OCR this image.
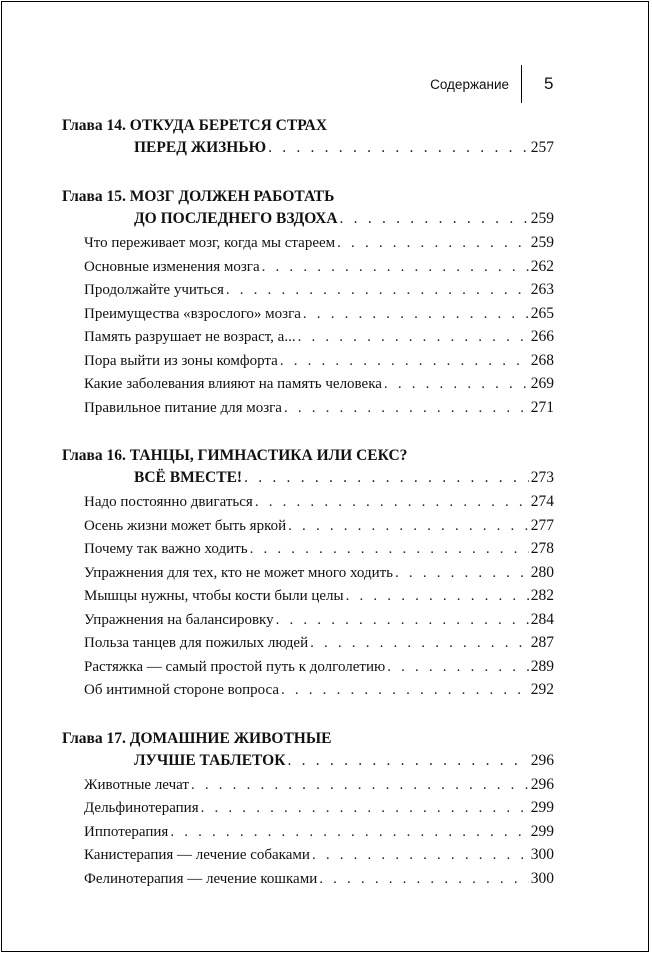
Содержание 5
Глава 14. ОТКУДА БЕРЕТСЯ СТРАХ
ПЕРЕД ЖИЗНЬЮ . . .	257
Глава 15. МОЗГ ДОЛЖЕН РАБОТАТЬ
ДО ПОСЛЕДНЕГО ВЗДОХА . . .	259
Что переживает мозг, когда мы стареем . . .	259
Основные изменения мозга . . .	262
Продолжайте учиться . . .	263
Преимущества «взрослого» мозга . . .	265
Память разрушает не возраст, а... . . .	266
Пора выйти из зоны комфорта . . .	268
Какие заболевания влияют на память человека . . .	269
Правильное питание для мозга . . .	271
Глава 16. ТАНЦЫ, ГИМНАСТИКА ИЛИ СЕКС?
ВСЁ ВМЕСТЕ! . . .	273
Надо постоянно двигаться . . .	274
Осень жизни может быть яркой . . .	277
Почему так важно ходить . . .	278
Упражнения для тех, кто не может много ходить . . .	280
Мышцы нужны, чтобы кости были целы . . .	282
Упражнения на балансировку . . .	284
Польза танцев для пожилых людей . . .	287
Растяжка — самый простой путь к долголетию . . .	289
Об интимной стороне вопроса . . .	292
Глава 17. ДОМАШНИЕ ЖИВОТНЫЕ
ЛУЧШЕ ТАБЛЕТОК . . .	296
Животные лечат . . .	296
Дельфинотерапия . . .	299
Иппотерапия . . .	299
Канистерапия — лечение собаками . . .	300
Фелинотерапия — лечение кошками . . .	300
